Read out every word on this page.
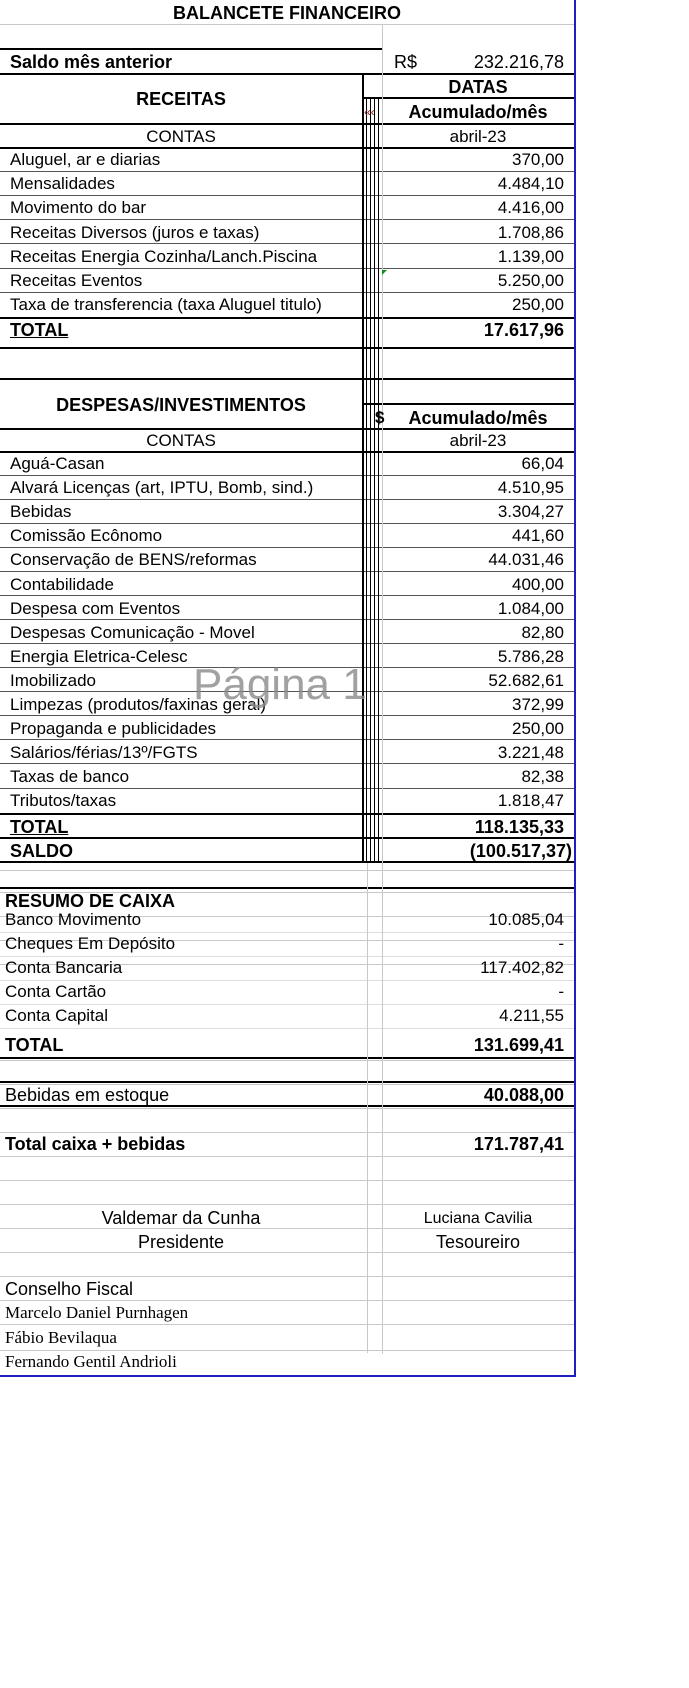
BALANCETE FINANCEIRO
Saldo mês anterior	R$	232.216,78
RECEITAS
DATAS
«‹	Acumulado/mês
CONTAS	abril-23
Aluguel, ar e diarias	370,00
Mensalidades	4.484,10
Movimento do bar	4.416,00
Receitas Diversos (juros e taxas)	1.708,86
Receitas Energia Cozinha/Lanch.Piscina	1.139,00
Receitas Eventos	5.250,00
Taxa de transferencia (taxa Aluguel titulo)	250,00
TOTAL	17.617,96
DESPESAS/INVESTIMENTOS
$	Acumulado/mês
CONTAS	abril-23
Aguá-Casan	66,04
Alvará Licenças (art, IPTU, Bomb, sind.)	4.510,95
Bebidas	3.304,27
Comissão Ecônomo	441,60
Conservação de BENS/reformas	44.031,46
Contabilidade	400,00
Despesa com Eventos	1.084,00
Despesas Comunicação - Movel	82,80
Energia Eletrica-Celesc	5.786,28
Imobilizado	52.682,61
Limpezas (produtos/faxinas geral)	372,99
Propaganda e publicidades	250,00
Salários/férias/13º/FGTS	3.221,48
Taxas de banco	82,38
Tributos/taxas	1.818,47
TOTAL	118.135,33
SALDO	(100.517,37)
RESUMO DE CAIXA
Banco Movimento	10.085,04
Cheques Em Depósito	-
Conta Bancaria	117.402,82
Conta Cartão	-
Conta Capital	4.211,55
TOTAL	131.699,41
Bebidas em estoque	40.088,00
Total caixa + bebidas	171.787,41
Valdemar da Cunha	Luciana Cavilia
Presidente	Tesoureiro
Conselho Fiscal
Marcelo Daniel Purnhagen
Fábio Bevilaqua
Fernando Gentil Andrioli
Página 1
